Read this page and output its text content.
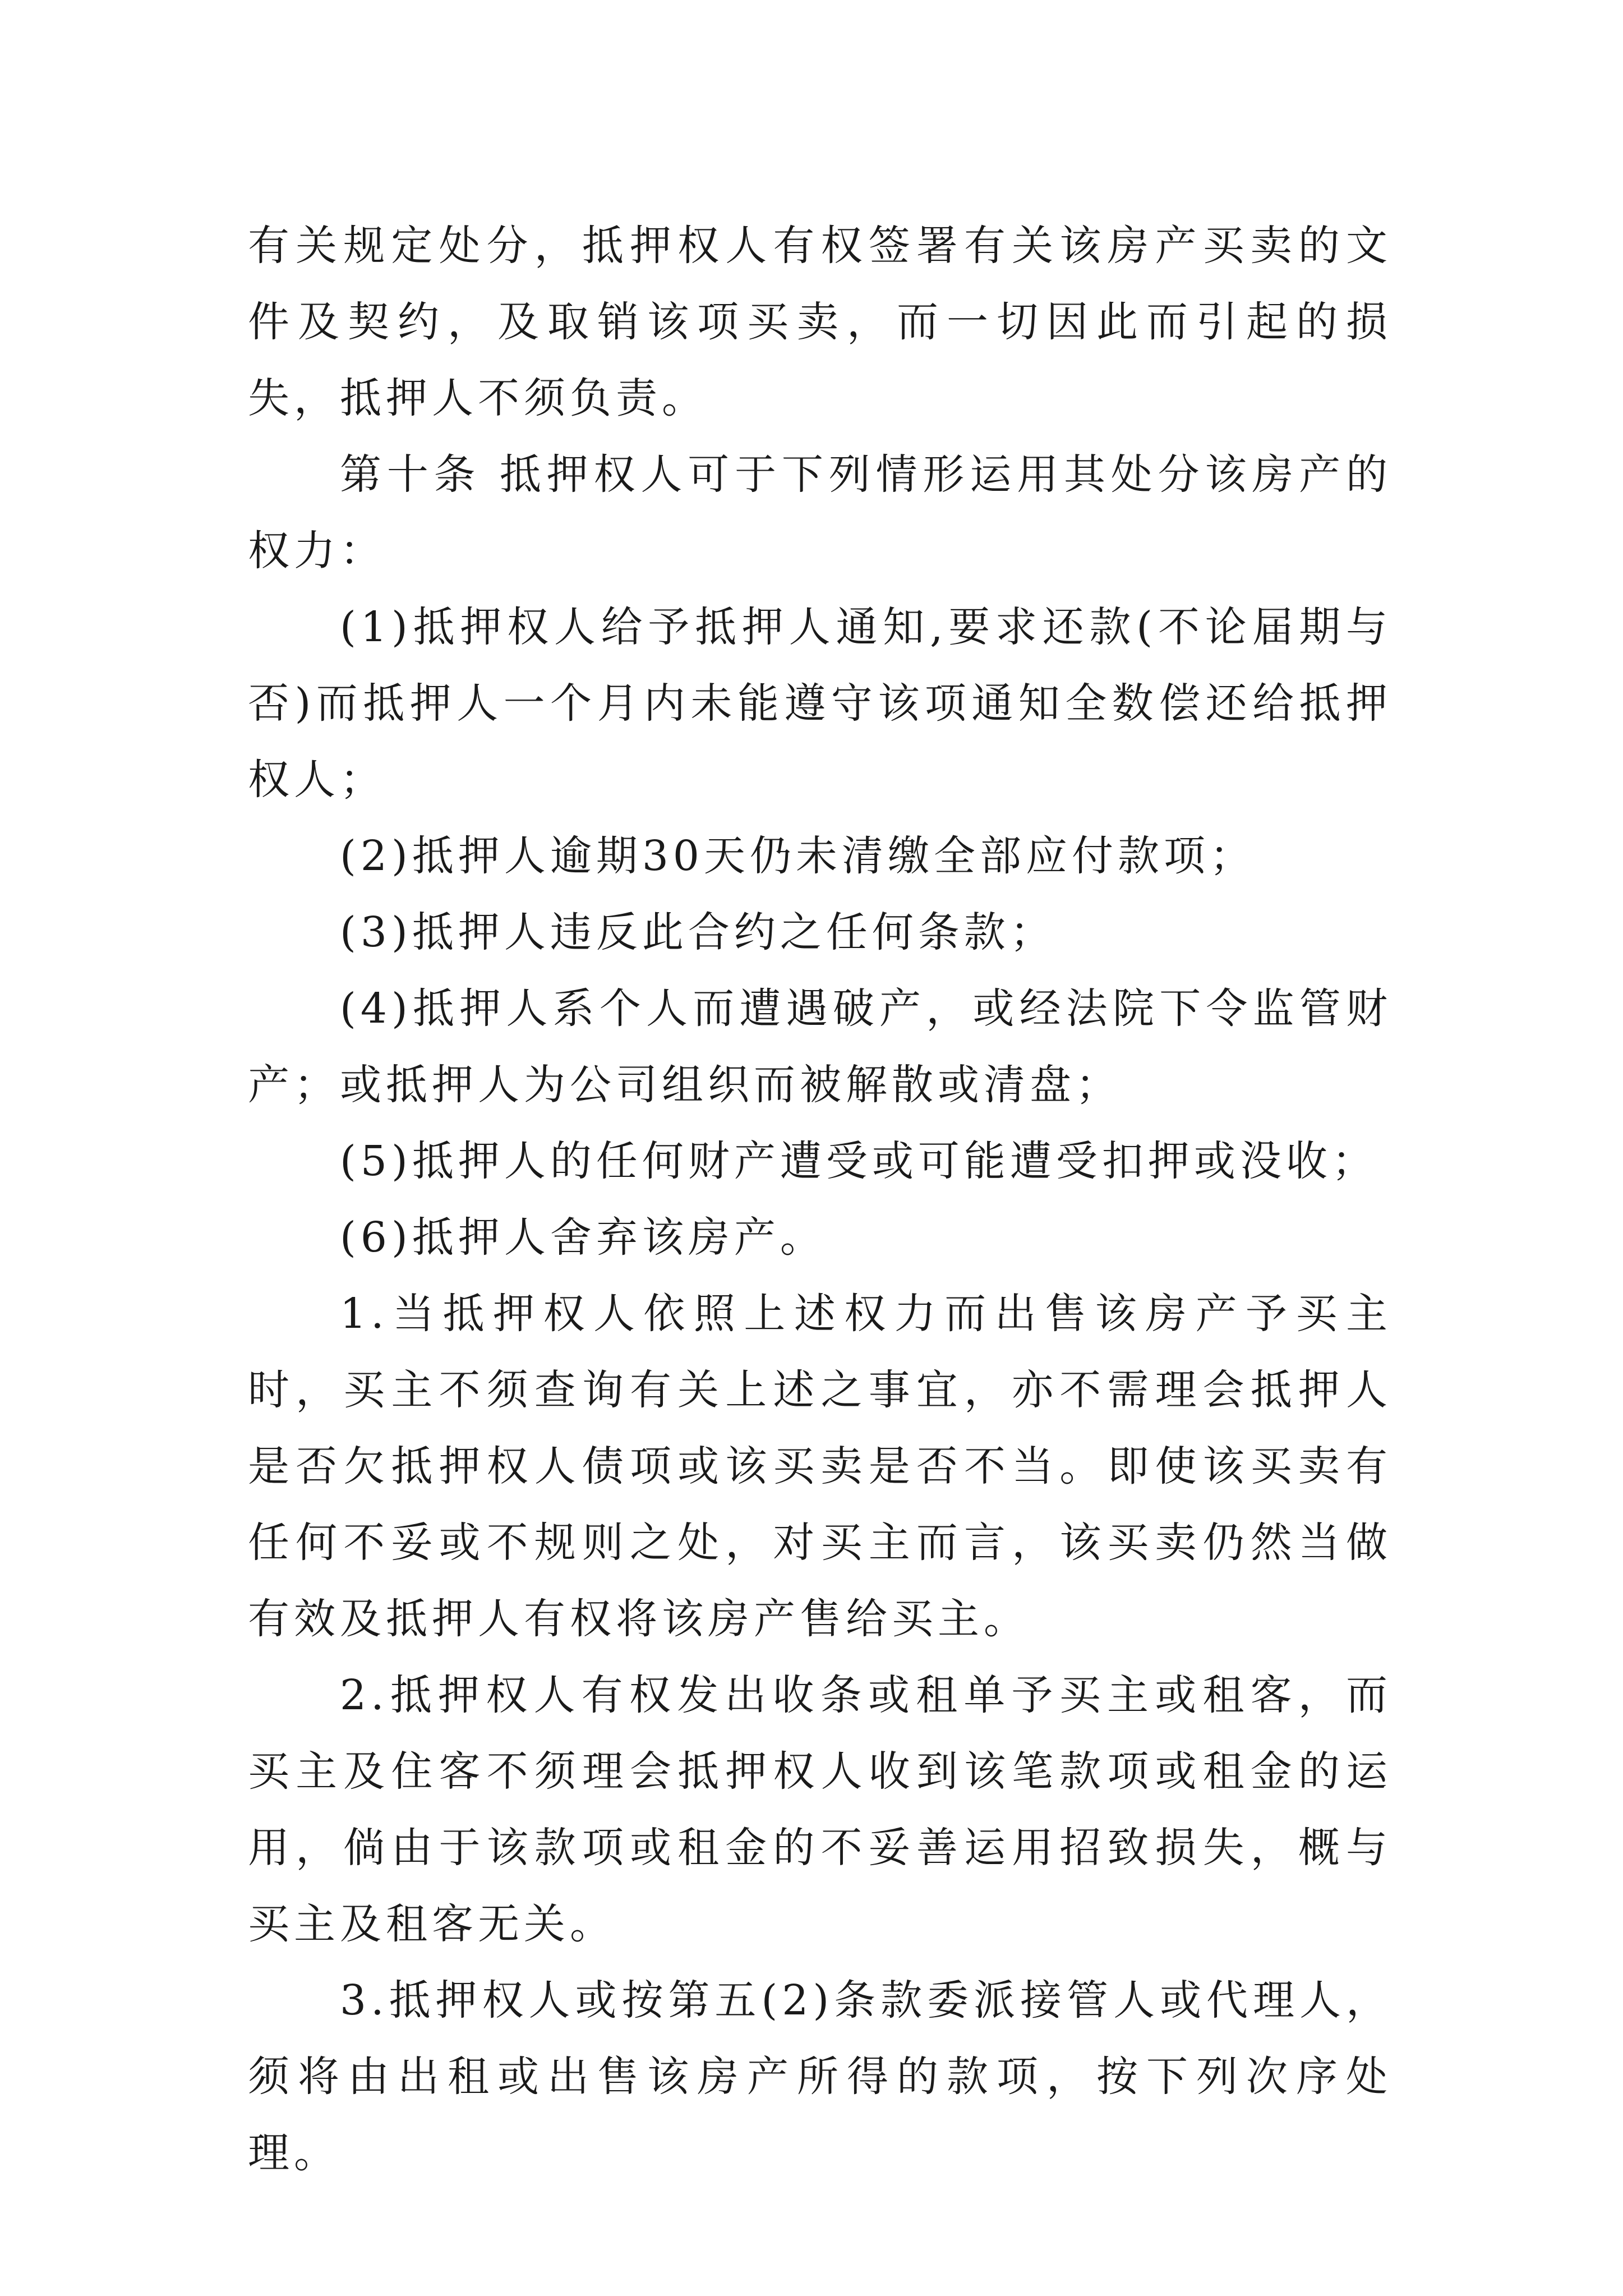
有关规定处分，抵押权人有权签署有关该房产买卖的文件及契约，及取销该项买卖，而一切因此而引起的损失，抵押人不须负责。

第十条 抵押权人可于下列情形运用其处分该房产的权力：

(1)抵押权人给予抵押人通知,要求还款(不论届期与否)而抵押人一个月内未能遵守该项通知全数偿还给抵押权人；

(2)抵押人逾期30天仍未清缴全部应付款项；

(3)抵押人违反此合约之任何条款；

(4)抵押人系个人而遭遇破产，或经法院下令监管财产；或抵押人为公司组织而被解散或清盘；

(5)抵押人的任何财产遭受或可能遭受扣押或没收；

(6)抵押人舍弃该房产。

1.当抵押权人依照上述权力而出售该房产予买主时，买主不须查询有关上述之事宜，亦不需理会抵押人是否欠抵押权人债项或该买卖是否不当。即使该买卖有任何不妥或不规则之处，对买主而言，该买卖仍然当做有效及抵押人有权将该房产售给买主。

2.抵押权人有权发出收条或租单予买主或租客，而买主及住客不须理会抵押权人收到该笔款项或租金的运用，倘由于该款项或租金的不妥善运用招致损失，概与买主及租客无关。

3.抵押权人或按第五(2)条款委派接管人或代理人，须将由出租或出售该房产所得的款项，按下列次序处理。
